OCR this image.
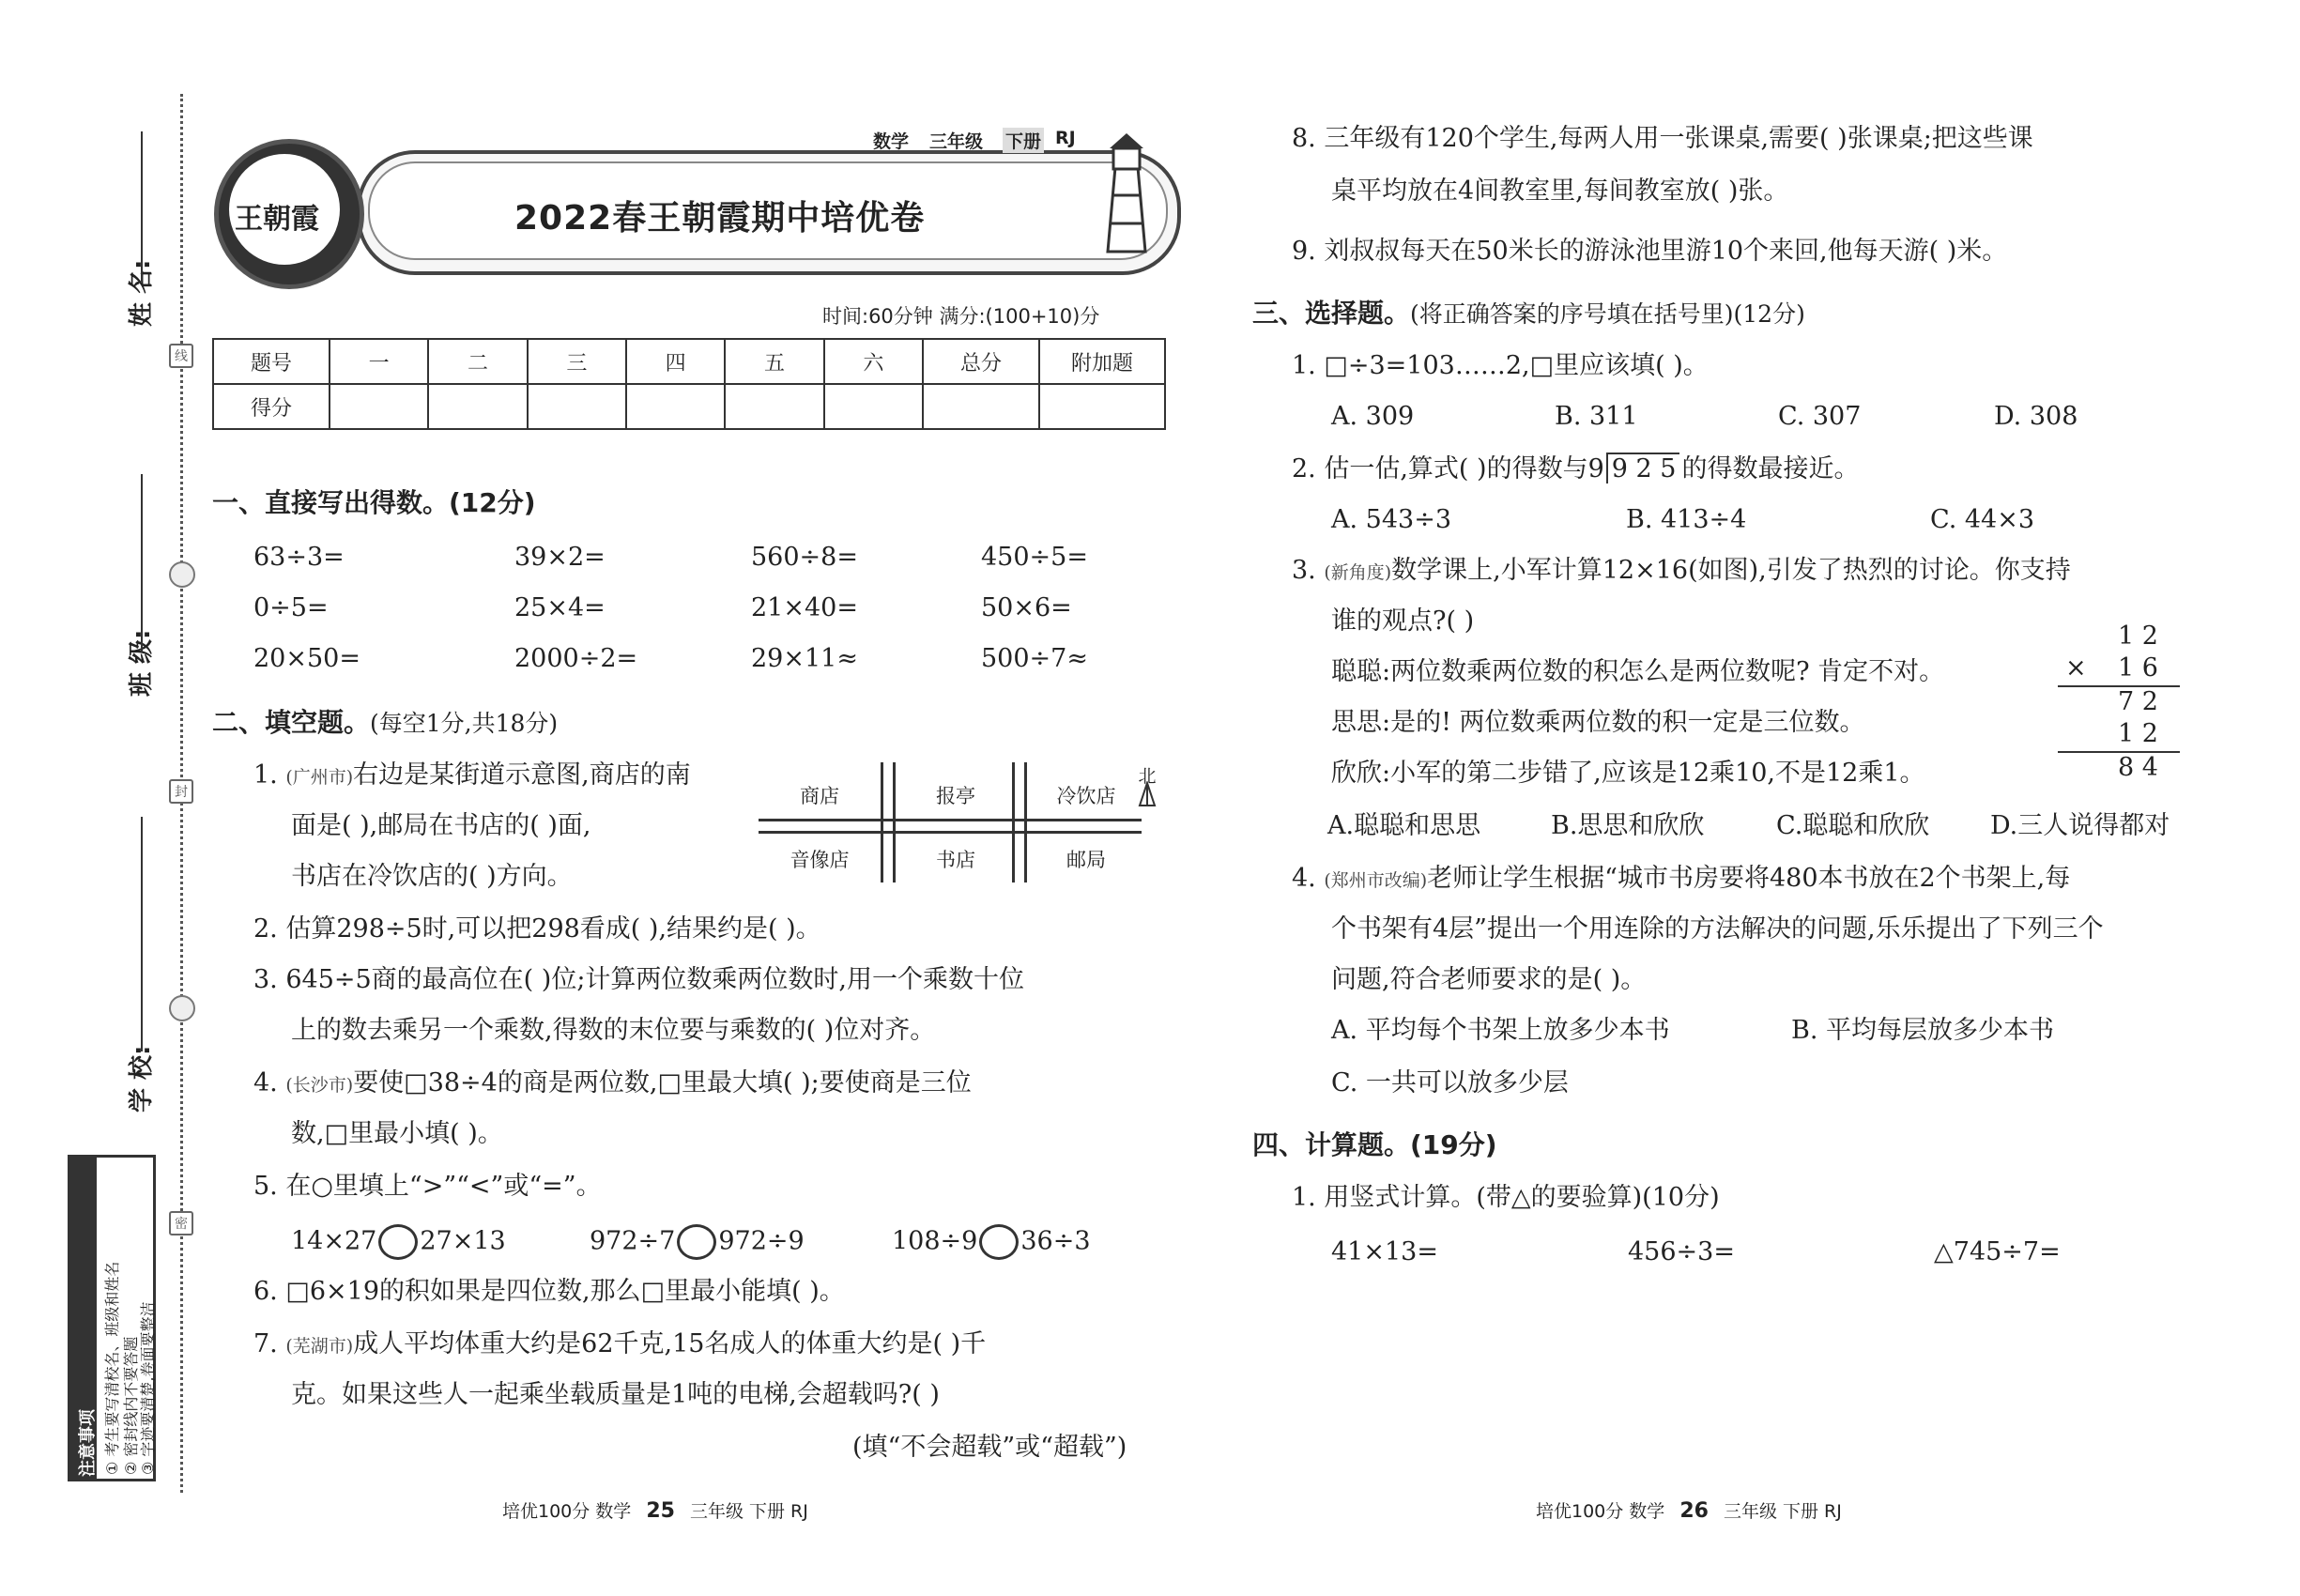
姓 名:
班 级:
学 校:
线
封
密
注意事项 ① 考生要写清校名、班级和姓名 ② 密封线内不要答题 ③ 字迹要清楚,卷面要整洁
王朝霞
数学 三年级 下册 RJ
2022春王朝霞期中培优卷
时间:60分钟 满分:(100+10)分
题号	一	二	三	四	五	六	总分	附加题
得分								
一、直接写出得数。(12分)
63÷3=	39×2=	560÷8=	450÷5=
0÷5=	25×4=	21×40=	50×6=
20×50=	2000÷2=	29×11≈	500÷7≈
二、填空题。(每空1分,共18分)
1. (广州市)右边是某街道示意图,商店的南
面是( ),邮局在书店的( )面,
书店在冷饮店的( )方向。
商店	报亭	冷饮店
音像店	书店	邮局
北
2. 估算298÷5时,可以把298看成( ),结果约是( )。
3. 645÷5商的最高位在( )位;计算两位数乘两位数时,用一个乘数十位
上的数去乘另一个乘数,得数的末位要与乘数的( )位对齐。
4. (长沙市)要使□38÷4的商是两位数,□里最大填( );要使商是三位
数,□里最小填( )。
5. 在○里填上“>”“<”或“=”。
14×27 27×13	972÷7 972÷9	108÷9 36÷3
6. □6×19的积如果是四位数,那么□里最小能填( )。
7. (芜湖市)成人平均体重大约是62千克,15名成人的体重大约是( )千
克。如果这些人一起乘坐载质量是1吨的电梯,会超载吗?( )
(填“不会超载”或“超载”)
8. 三年级有120个学生,每两人用一张课桌,需要( )张课桌;把这些课
桌平均放在4间教室里,每间教室放( )张。
9. 刘叔叔每天在50米长的游泳池里游10个来回,他每天游( )米。
三、选择题。(将正确答案的序号填在括号里)(12分)
1. □÷3=103……2,□里应该填( )。
A. 309	B. 311	C. 307	D. 308
2. 估一估,算式( )的得数与9 9 2 5 的得数最接近。
A. 543÷3	B. 413÷4	C. 44×3
3. (新角度)数学课上,小军计算12×16(如图),引发了热烈的讨论。你支持
谁的观点?( )
聪聪:两位数乘两位数的积怎么是两位数呢? 肯定不对。
思思:是的! 两位数乘两位数的积一定是三位数。
欣欣:小军的第二步错了,应该是12乘10,不是12乘1。
1 2
× 1 6
7 2
1 2
8 4
A.聪聪和思思	B.思思和欣欣	C.聪聪和欣欣 D.三人说得都对
4. (郑州市改编)老师让学生根据“城市书房要将480本书放在2个书架上,每
个书架有4层”提出一个用连除的方法解决的问题,乐乐提出了下列三个
问题,符合老师要求的是( )。
A. 平均每个书架上放多少本书	B. 平均每层放多少本书
C. 一共可以放多少层
四、计算题。(19分)
1. 用竖式计算。(带△的要验算)(10分)
41×13=	456÷3=	△745÷7=
培优100分 数学 25 三年级 下册 RJ	培优100分 数学 26 三年级 下册 RJ
